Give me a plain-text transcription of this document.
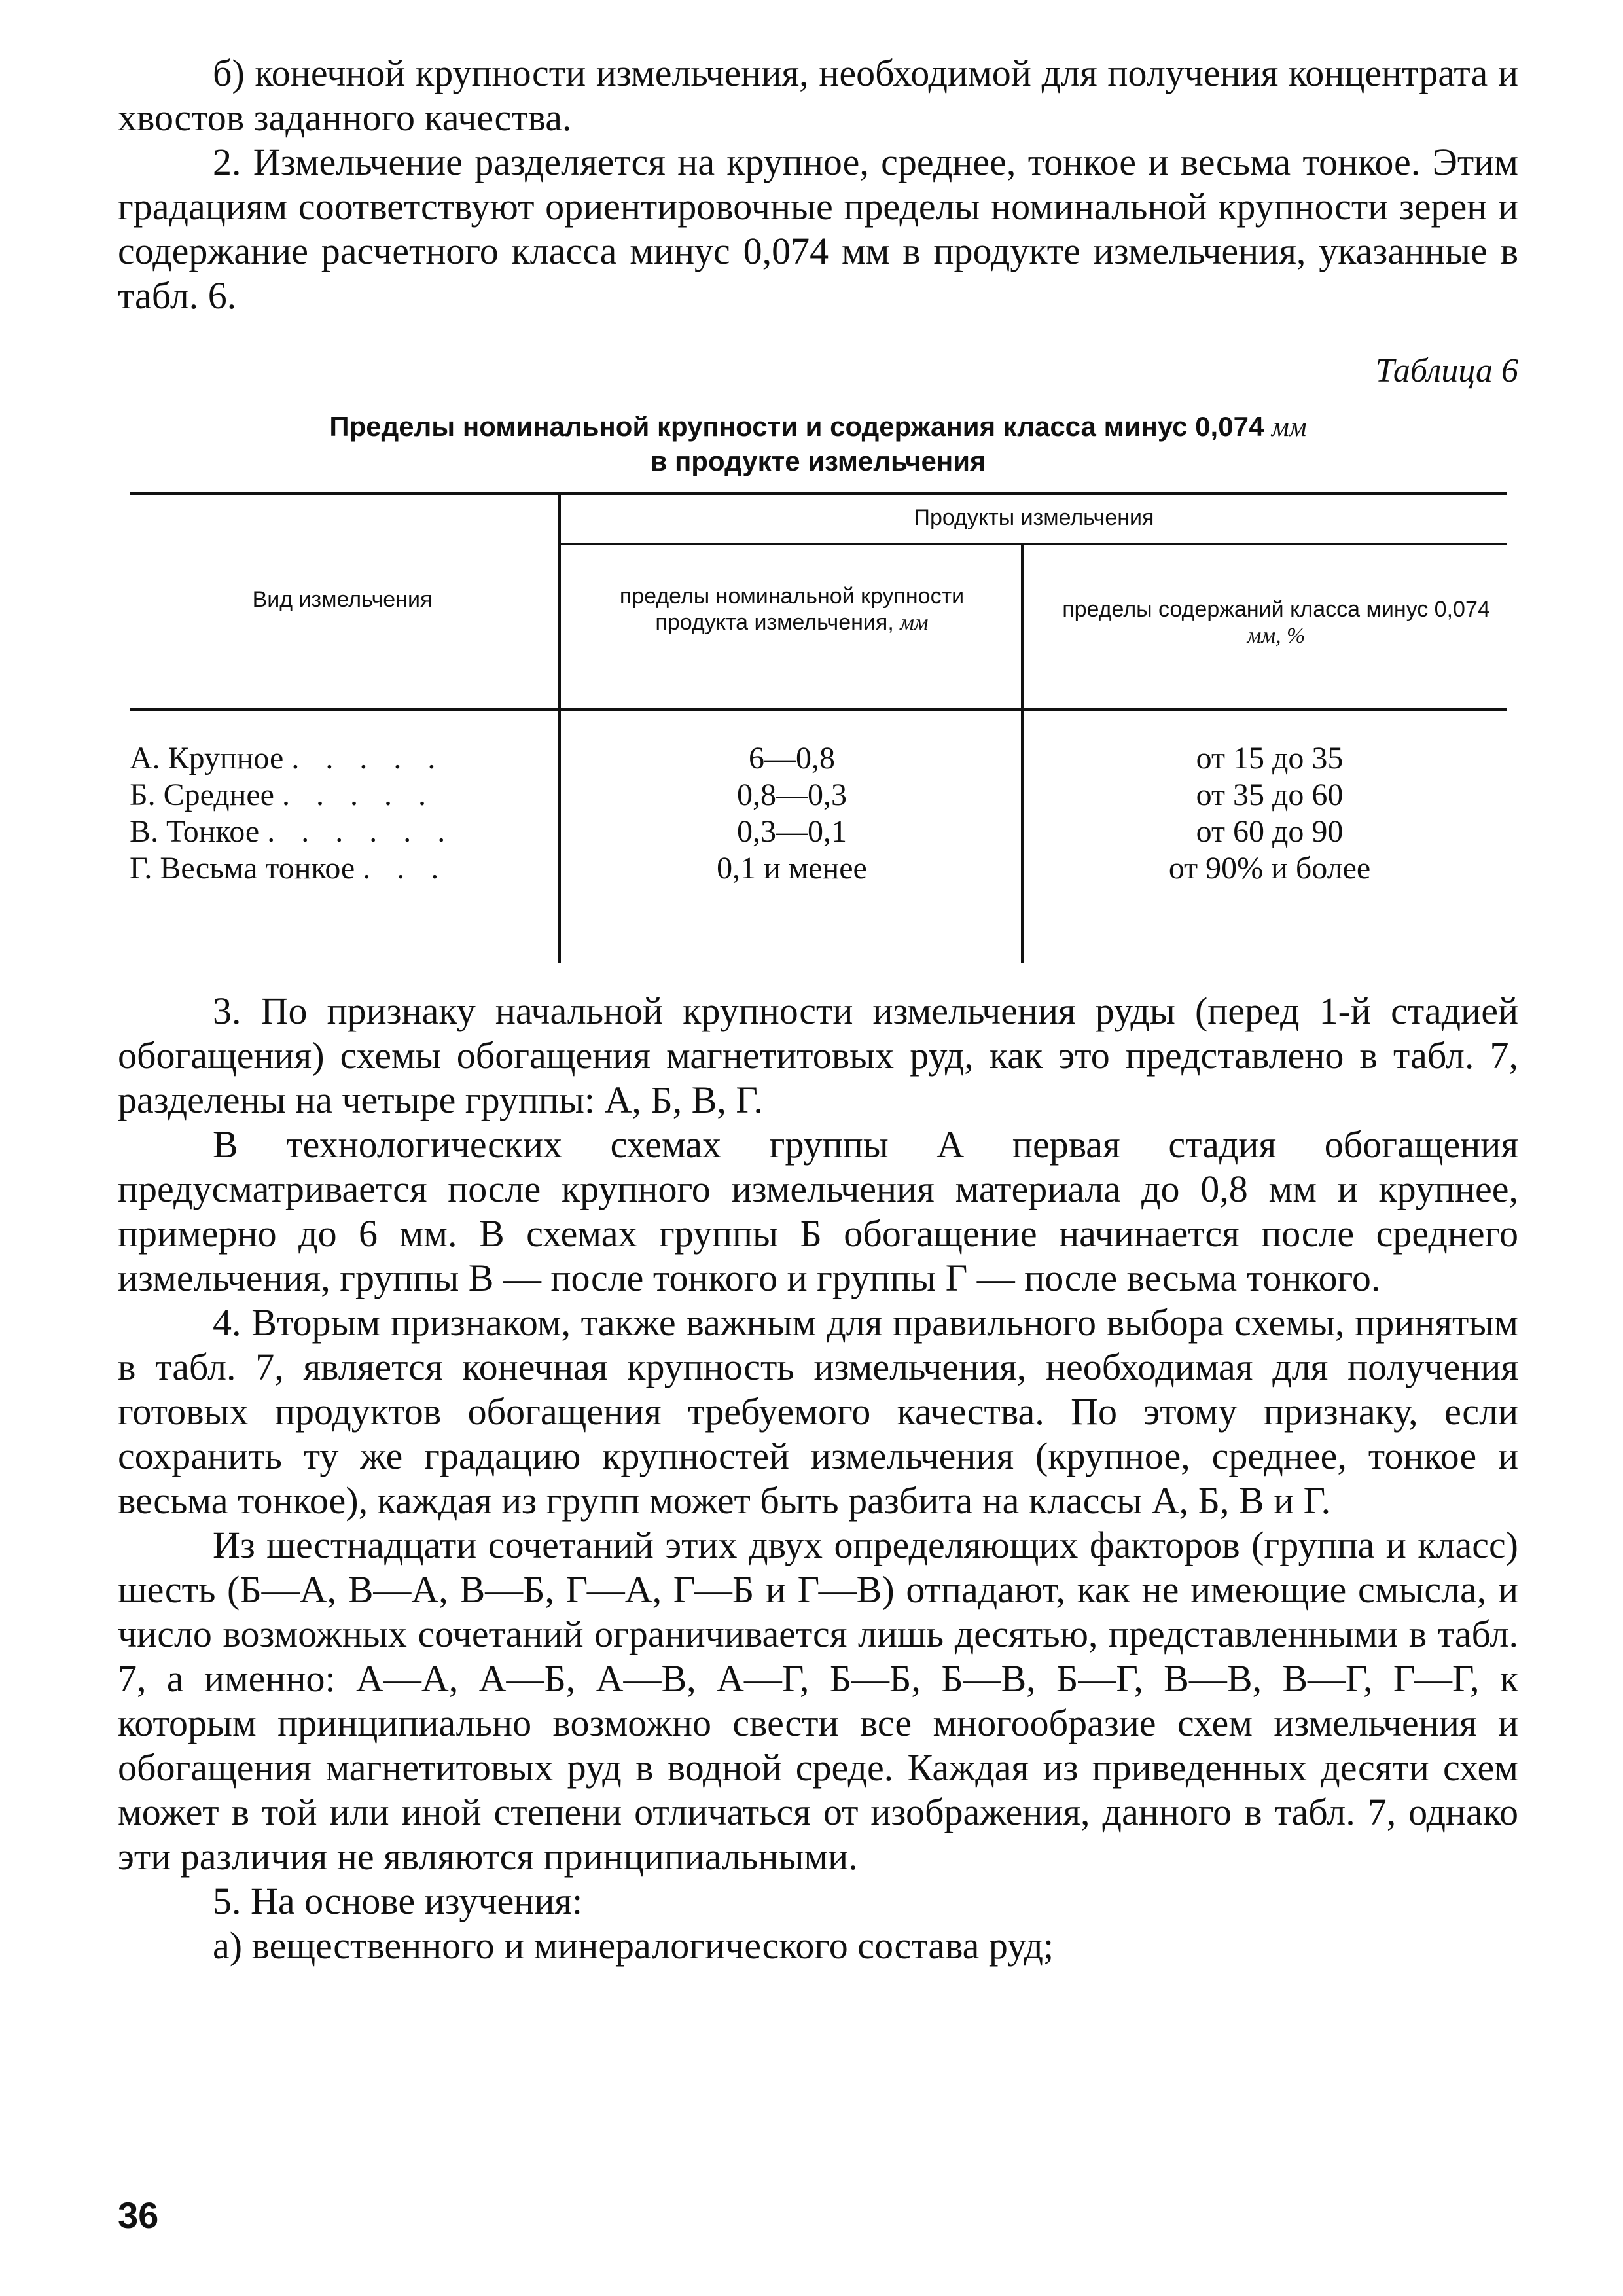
б) конечной крупности измельчения, необходимой для получения концентрата и хвостов заданного качества.

2. Измельчение разделяется на крупное, среднее, тонкое и весьма тонкое. Этим градациям соответствуют ориентировочные пределы номинальной крупности зерен и содержание расчетного класса минус 0,074 мм в продукте измельчения, указанные в табл. 6.

Таблица 6

Пределы номинальной крупности и содержания класса минус 0,074 мм
в продукте измельчения

Вид измельчения
Продукты измельчения
пределы номинальной крупности продукта измельчения, мм
пределы содержаний класса минус 0,074 мм, %
А. Крупное . . . . .	6—0,8	от 15 до 35
Б. Среднее . . . . .	0,8—0,3	от 35 до 60
В. Тонкое . . . . . .	0,3—0,1	от 60 до 90
Г. Весьма тонкое . . .	0,1 и менее	от 90% и более

3. По признаку начальной крупности измельчения руды (перед 1-й стадией обогащения) схемы обогащения магнетитовых руд, как это представлено в табл. 7, разделены на четыре группы: А, Б, В, Г.

В технологических схемах группы А первая стадия обогащения предусматривается после крупного измельчения материала до 0,8 мм и крупнее, примерно до 6 мм. В схемах группы Б обогащение начинается после среднего измельчения, группы В — после тонкого и группы Г — после весьма тонкого.

4. Вторым признаком, также важным для правильного выбора схемы, принятым в табл. 7, является конечная крупность измельчения, необходимая для получения готовых продуктов обогащения требуемого качества. По этому признаку, если сохранить ту же градацию крупностей измельчения (крупное, среднее, тонкое и весьма тонкое), каждая из групп может быть разбита на классы А, Б, В и Г.

Из шестнадцати сочетаний этих двух определяющих факторов (группа и класс) шесть (Б—А, В—А, В—Б, Г—А, Г—Б и Г—В) отпадают, как не имеющие смысла, и число возможных сочетаний ограничивается лишь десятью, представленными в табл. 7, а именно: А—А, А—Б, А—В, А—Г, Б—Б, Б—В, Б—Г, В—В, В—Г, Г—Г, к которым принципиально возможно свести все многообразие схем измельчения и обогащения магнетитовых руд в водной среде. Каждая из приведенных десяти схем может в той или иной степени отличаться от изображения, данного в табл. 7, однако эти различия не являются принципиальными.

5. На основе изучения:

а) вещественного и минералогического состава руд;

36
